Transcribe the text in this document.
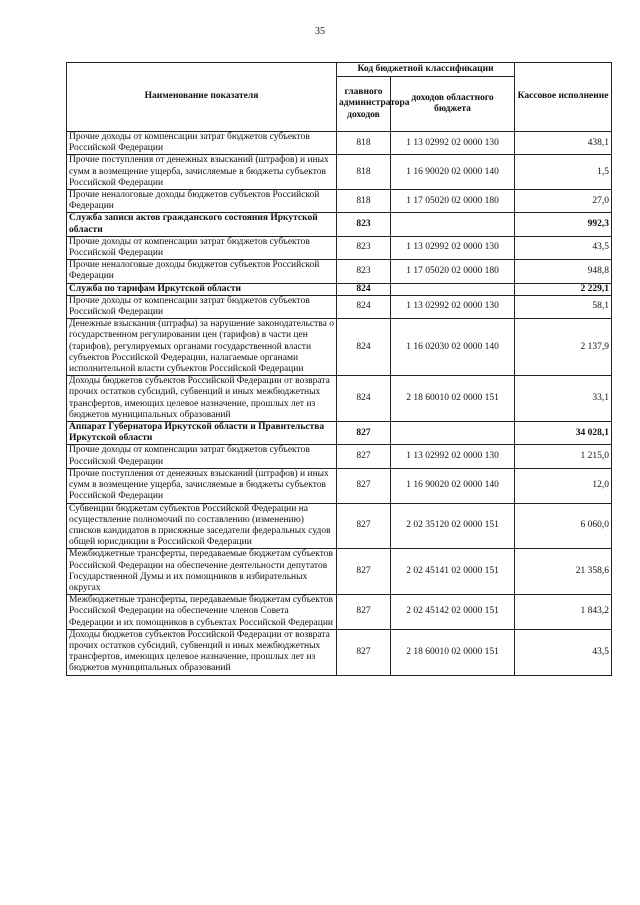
35
Наименование показателя	Код бюджетной классификации		Кассовое исполнение
	главного администратора доходов	доходов областного бюджета	
Прочие доходы от компенсации затрат бюджетов субъектов Российской Федерации	818	1 13 02992 02 0000 130	438,1
Прочие поступления от денежных взысканий (штрафов) и иных сумм в возмещение ущерба, зачисляемые в бюджеты субъектов Российской Федерации	818	1 16 90020 02 0000 140	1,5
Прочие неналоговые доходы бюджетов субъектов Российской Федерации	818	1 17 05020 02 0000 180	27,0
Служба записи актов гражданского состояния Иркутской области	823		992,3
Прочие доходы от компенсации затрат бюджетов субъектов Российской Федерации	823	1 13 02992 02 0000 130	43,5
Прочие неналоговые доходы бюджетов субъектов Российской Федерации	823	1 17 05020 02 0000 180	948,8
Служба по тарифам Иркутской области	824		2 229,1
Прочие доходы от компенсации затрат бюджетов субъектов Российской Федерации	824	1 13 02992 02 0000 130	58,1
Денежные взыскания (штрафы) за нарушение законодательства о государственном регулировании цен (тарифов) в части цен (тарифов), регулируемых органами государственной власти субъектов Российской Федерации, налагаемые органами исполнительной власти субъектов Российской Федерации	824	1 16 02030 02 0000 140	2 137,9
Доходы бюджетов субъектов Российской Федерации от возврата прочих остатков субсидий, субвенций и иных межбюджетных трансфертов, имеющих целевое назначение, прошлых лет из бюджетов муниципальных образований	824	2 18 60010 02 0000 151	33,1
Аппарат Губернатора Иркутской области и Правительства Иркутской области	827		34 028,1
Прочие доходы от компенсации затрат бюджетов субъектов Российской Федерации	827	1 13 02992 02 0000 130	1 215,0
Прочие поступления от денежных взысканий (штрафов) и иных сумм в возмещение ущерба, зачисляемые в бюджеты субъектов Российской Федерации	827	1 16 90020 02 0000 140	12,0
Субвенции бюджетам субъектов Российской Федерации на осуществление полномочий по составлению (изменению) списков кандидатов в присяжные заседатели федеральных судов общей юрисдикции в Российской Федерации	827	2 02 35120 02 0000 151	6 060,0
Межбюджетные трансферты, передаваемые бюджетам субъектов Российской Федерации на обеспечение деятельности депутатов Государственной Думы и их помощников в избирательных округах	827	2 02 45141 02 0000 151	21 358,6
Межбюджетные трансферты, передаваемые бюджетам субъектов Российской Федерации на обеспечение членов Совета Федерации и их помощников в субъектах Российской Федерации	827	2 02 45142 02 0000 151	1 843,2
Доходы бюджетов субъектов Российской Федерации от возврата прочих остатков субсидий, субвенций и иных межбюджетных трансфертов, имеющих целевое назначение, прошлых лет из бюджетов муниципальных образований	827	2 18 60010 02 0000 151	43,5
